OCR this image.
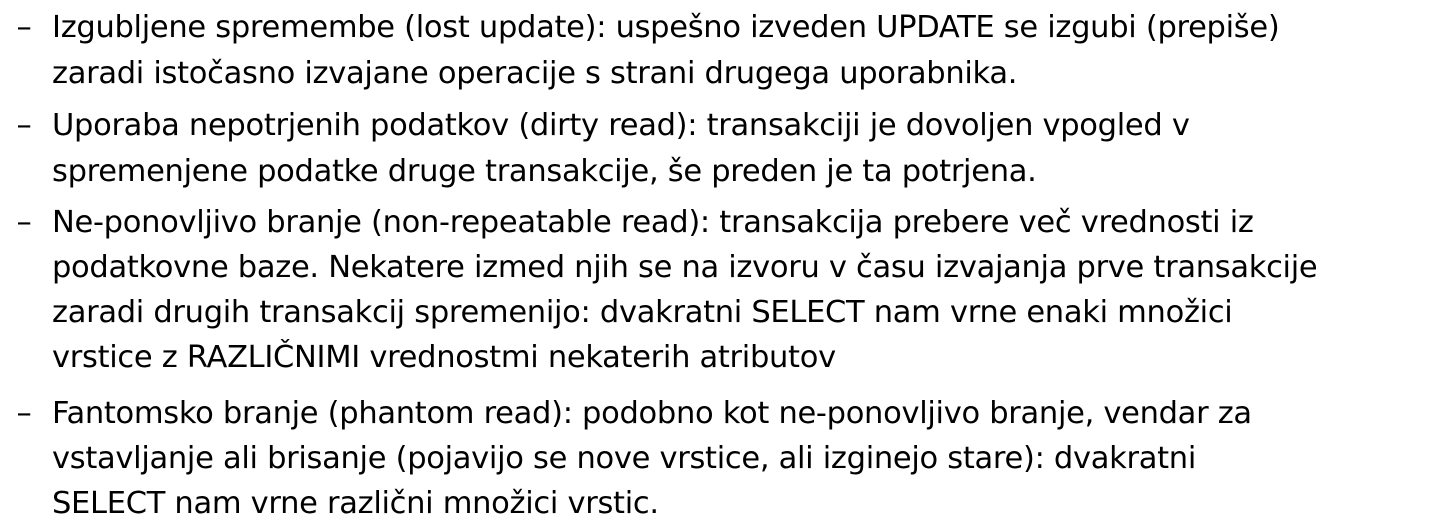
– Izgubljene spremembe (lost update): uspešno izveden UPDATE se izgubi (prepiše)
zaradi istočasno izvajane operacije s strani drugega uporabnika.
– Uporaba nepotrjenih podatkov (dirty read): transakciji je dovoljen vpogled v
spremenjene podatke druge transakcije, še preden je ta potrjena.
– Ne-ponovljivo branje (non-repeatable read): transakcija prebere več vrednosti iz
podatkovne baze. Nekatere izmed njih se na izvoru v času izvajanja prve transakcije
zaradi drugih transakcij spremenijo: dvakratni SELECT nam vrne enaki množici
vrstice z RAZLIČNIMI vrednostmi nekaterih atributov
– Fantomsko branje (phantom read): podobno kot ne-ponovljivo branje, vendar za
vstavljanje ali brisanje (pojavijo se nove vrstice, ali izginejo stare): dvakratni
SELECT nam vrne različni množici vrstic.
